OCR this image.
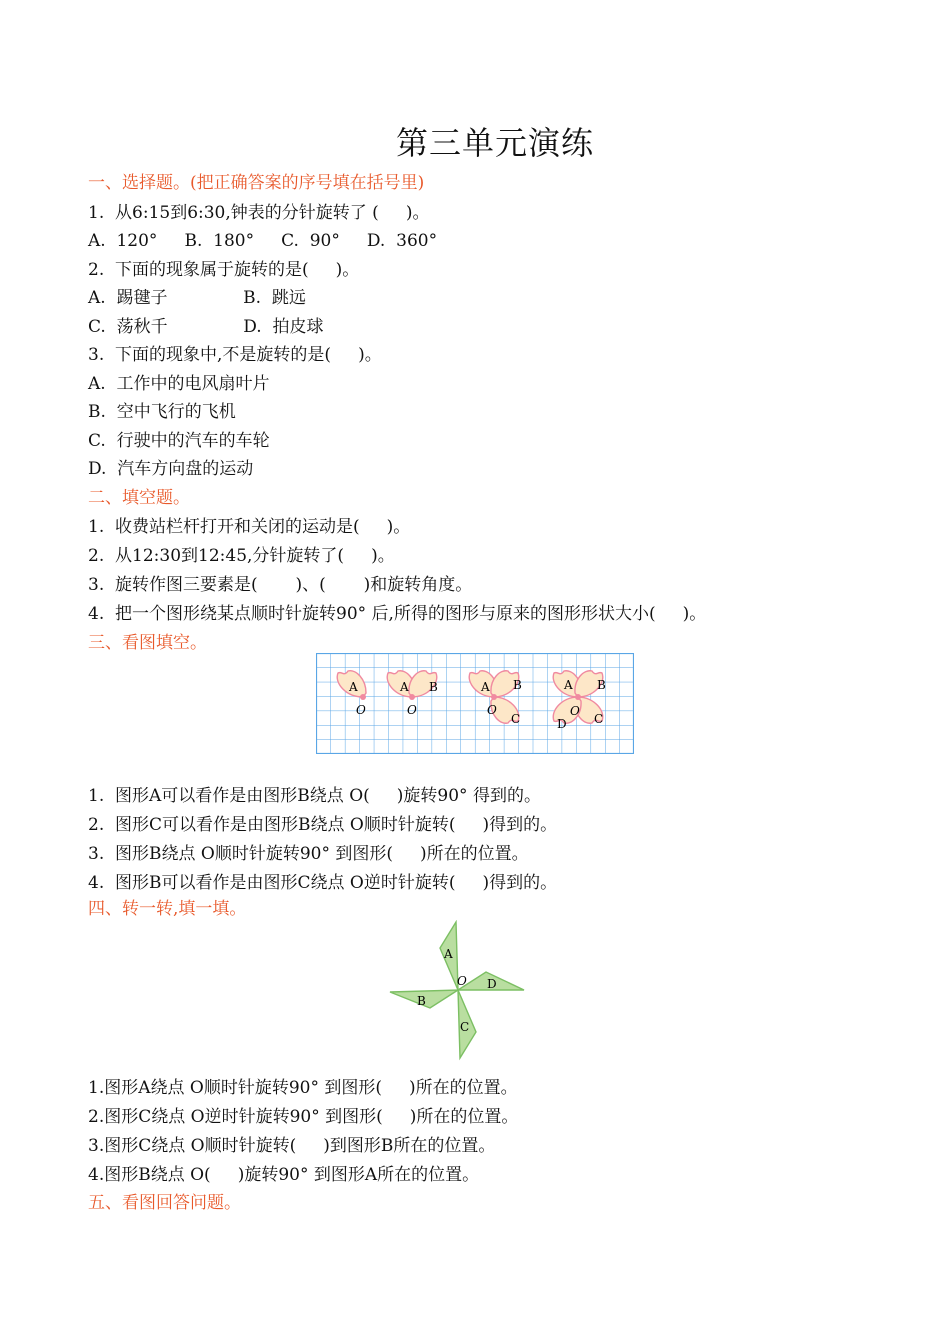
第三单元演练
一、选择题。(把正确答案的序号填在括号里)
1.  从6:15到6:30,钟表的分针旋转了 (     )。
A.  120°     B.  180°     C.  90°     D.  360°
2.  下面的现象属于旋转的是(     )。
A.  踢毽子              B.  跳远
C.  荡秋千              D.  拍皮球
3.  下面的现象中,不是旋转的是(     )。
A.  工作中的电风扇叶片
B.  空中飞行的飞机
C.  行驶中的汽车的车轮
D.  汽车方向盘的运动
二、填空题。
1.  收费站栏杆打开和关闭的运动是(     )。
2.  从12:30到12:45,分针旋转了(     )。
3.  旋转作图三要素是(       )、(       )和旋转角度。
4.  把一个图形绕某点顺时针旋转90° 后,所得的图形与原来的图形形状大小(     )。
三、看图填空。
A
O
A B
O
A B
C
O
A B
C
D
O
1.  图形A可以看作是由图形B绕点 O(     )旋转90° 得到的。
2.  图形C可以看作是由图形B绕点 O顺时针旋转(     )得到的。
3.  图形B绕点 O顺时针旋转90° 到图形(     )所在的位置。
4.  图形B可以看作是由图形C绕点 O逆时针旋转(     )得到的。
四、转一转,填一填。
A
B
C
D
O
1.图形A绕点 O顺时针旋转90° 到图形(     )所在的位置。
2.图形C绕点 O逆时针旋转90° 到图形(     )所在的位置。
3.图形C绕点 O顺时针旋转(     )到图形B所在的位置。
4.图形B绕点 O(     )旋转90° 到图形A所在的位置。
五、看图回答问题。
